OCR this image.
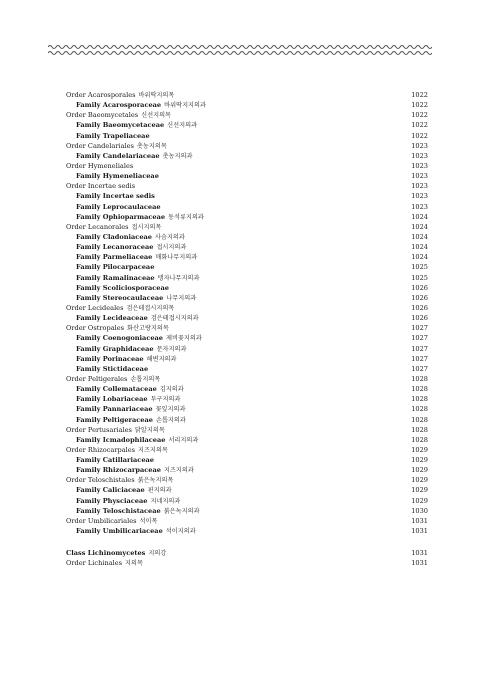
Order Acarosporales 바위딱지의목	1022
Family Acarosporaceae 바위딱지지의과	1022
Order Baeomycetales 신선지의목	1022
Family Baeomycetaceae 신선지의과	1022
Family Trapeliaceae	1022
Order Candelariales 촛농지의목	1023
Family Candelariaceae 촛농지의과	1023
Order Hymeneliales	1023
Family Hymeneliaceae	1023
Order Incertae sedis	1023
Family Incertae sedis	1023
Family Leprocaulaceae	1023
Family Ophioparmaceae 동석류지의과	1024
Order Lecanorales 접시지의목	1024
Family Cladoniaceae 사슴지의과	1024
Family Lecanoraceae 접시지의과	1024
Family Parmeliaceae 매화나무지의과	1024
Family Pilocarpaceae	1025
Family Ramalinaceae 탱자나무지의과	1025
Family Scoliciosporaceae	1026
Family Stereocaulaceae 나무지의과	1026
Order Lecideales 검은테접시지의목	1026
Family Lecideaceae 검은테접시지의과	1026
Order Ostropales 화산고랑지의목	1027
Family Coenogoniaceae 제비꽃지의과	1027
Family Graphidaceae 문자지의과	1027
Family Porinaceae 해변지의과	1027
Family Stictidaceae	1027
Order Peltigerales 손톱지의목	1028
Family Collemataceae 김지의과	1028
Family Lobariaceae 투구지의과	1028
Family Pannariaceae 꽃잎지의과	1028
Family Peltigeraceae 손톱지의과	1028
Order Pertusariales 닭알지의목	1028
Family Icmadophilaceae 서리지의과	1028
Order Rhizocarpales 지즈지의목	1029
Family Catillariaceae	1029
Family Rhizocarpaceae 지즈지의과	1029
Order Teloschistales 붉은녹지의목	1029
Family Caliciaceae 핀지의과	1029
Family Physciaceae 지네지의과	1029
Family Teloschistaceae 붉은녹지의과	1030
Order Umbilicariales 석이목	1031
Family Umbilicariaceae 석이지의과	1031
Class Lichinomycetes 지의강	1031
Order Lichinales 지의목	1031
